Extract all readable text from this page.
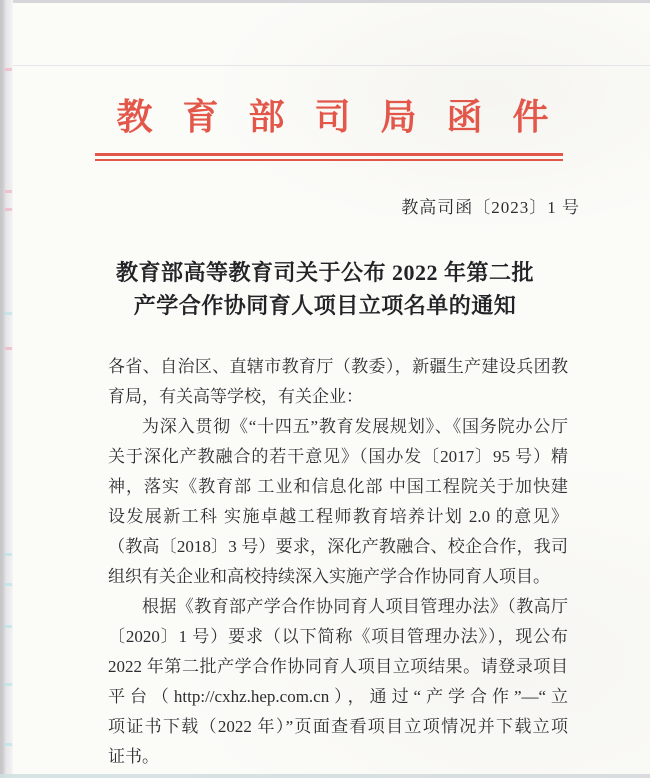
教育部司局函件
教高司函〔2023〕1 号
教育部高等教育司关于公布 2022 年第二批
产学合作协同育人项目立项名单的通知
各省、自治区、直辖市教育厅（教委），新疆生产建设兵团教
育局，有关高等学校，有关企业：
为深入贯彻《“十四五”教育发展规划》、《国务院办公厅
关于深化产教融合的若干意见》（国办发〔2017〕95 号）精
神，落实《教育部 工业和信息化部 中国工程院关于加快建
设发展新工科 实施卓越工程师教育培养计划 2.0 的意见》
（教高〔2018〕3 号）要求，深化产教融合、校企合作，我司
组织有关企业和高校持续深入实施产学合作协同育人项目。
根据《教育部产学合作协同育人项目管理办法》（教高厅
〔2020〕1 号）要求（以下简称《项目管理办法》），现公布
2022 年第二批产学合作协同育人项目立项结果。请登录项目
平台（http://cxhz.hep.com.cn），通过“产学合作”—“立
项证书下载（2022 年）”页面查看项目立项情况并下载立项
证书。
